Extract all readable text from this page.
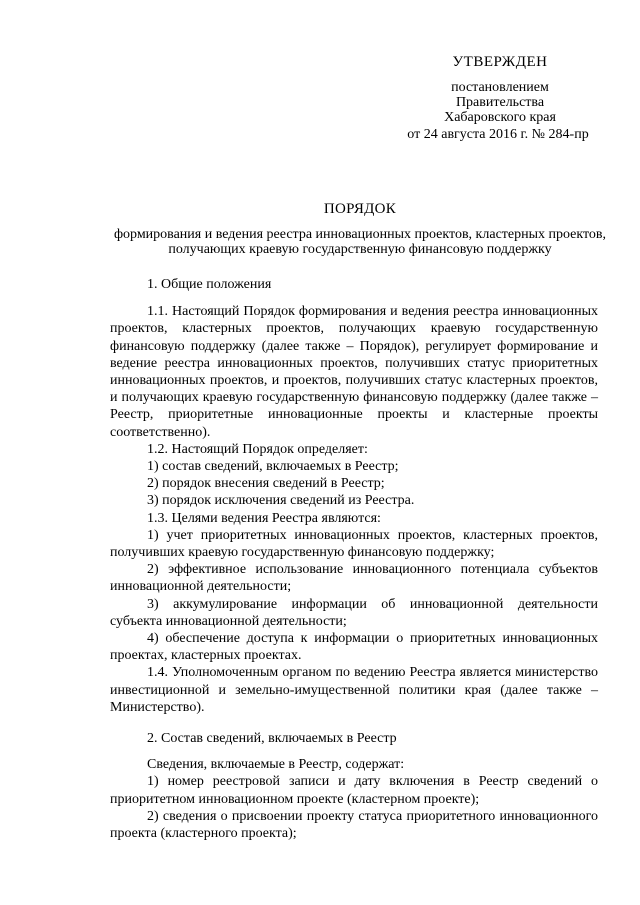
УТВЕРЖДЕН
постановлением
Правительства
Хабаровского края
от 24 августа 2016 г. № 284-пр
ПОРЯДОК
формирования и ведения реестра инновационных проектов, кластерных проектов, получающих краевую государственную финансовую поддержку

1. Общие положения

1.1. Настоящий Порядок формирования и ведения реестра инновационных проектов, кластерных проектов, получающих краевую государственную финансовую поддержку (далее также – Порядок), регулирует формирование и ведение реестра инновационных проектов, получивших статус приоритетных инновационных проектов, и проектов, получивших статус кластерных проектов, и получающих краевую государственную финансовую поддержку (далее также – Реестр, приоритетные инновационные проекты и кластерные проекты соответственно).

1.2. Настоящий Порядок определяет:

1) состав сведений, включаемых в Реестр;

2) порядок внесения сведений в Реестр;

3) порядок исключения сведений из Реестра.

1.3. Целями ведения Реестра являются:

1) учет приоритетных инновационных проектов, кластерных проектов, получивших краевую государственную финансовую поддержку;

2) эффективное использование инновационного потенциала субъектов инновационной деятельности;

3) аккумулирование информации об инновационной деятельности субъекта инновационной деятельности;

4) обеспечение доступа к информации о приоритетных инновационных проектах, кластерных проектах.

1.4. Уполномоченным органом по ведению Реестра является министерство инвестиционной и земельно-имущественной политики края (далее также – Министерство).

2. Состав сведений, включаемых в Реестр

Сведения, включаемые в Реестр, содержат:

1) номер реестровой записи и дату включения в Реестр сведений о приоритетном инновационном проекте (кластерном проекте);

2) сведения о присвоении проекту статуса приоритетного инновационного проекта (кластерного проекта);
